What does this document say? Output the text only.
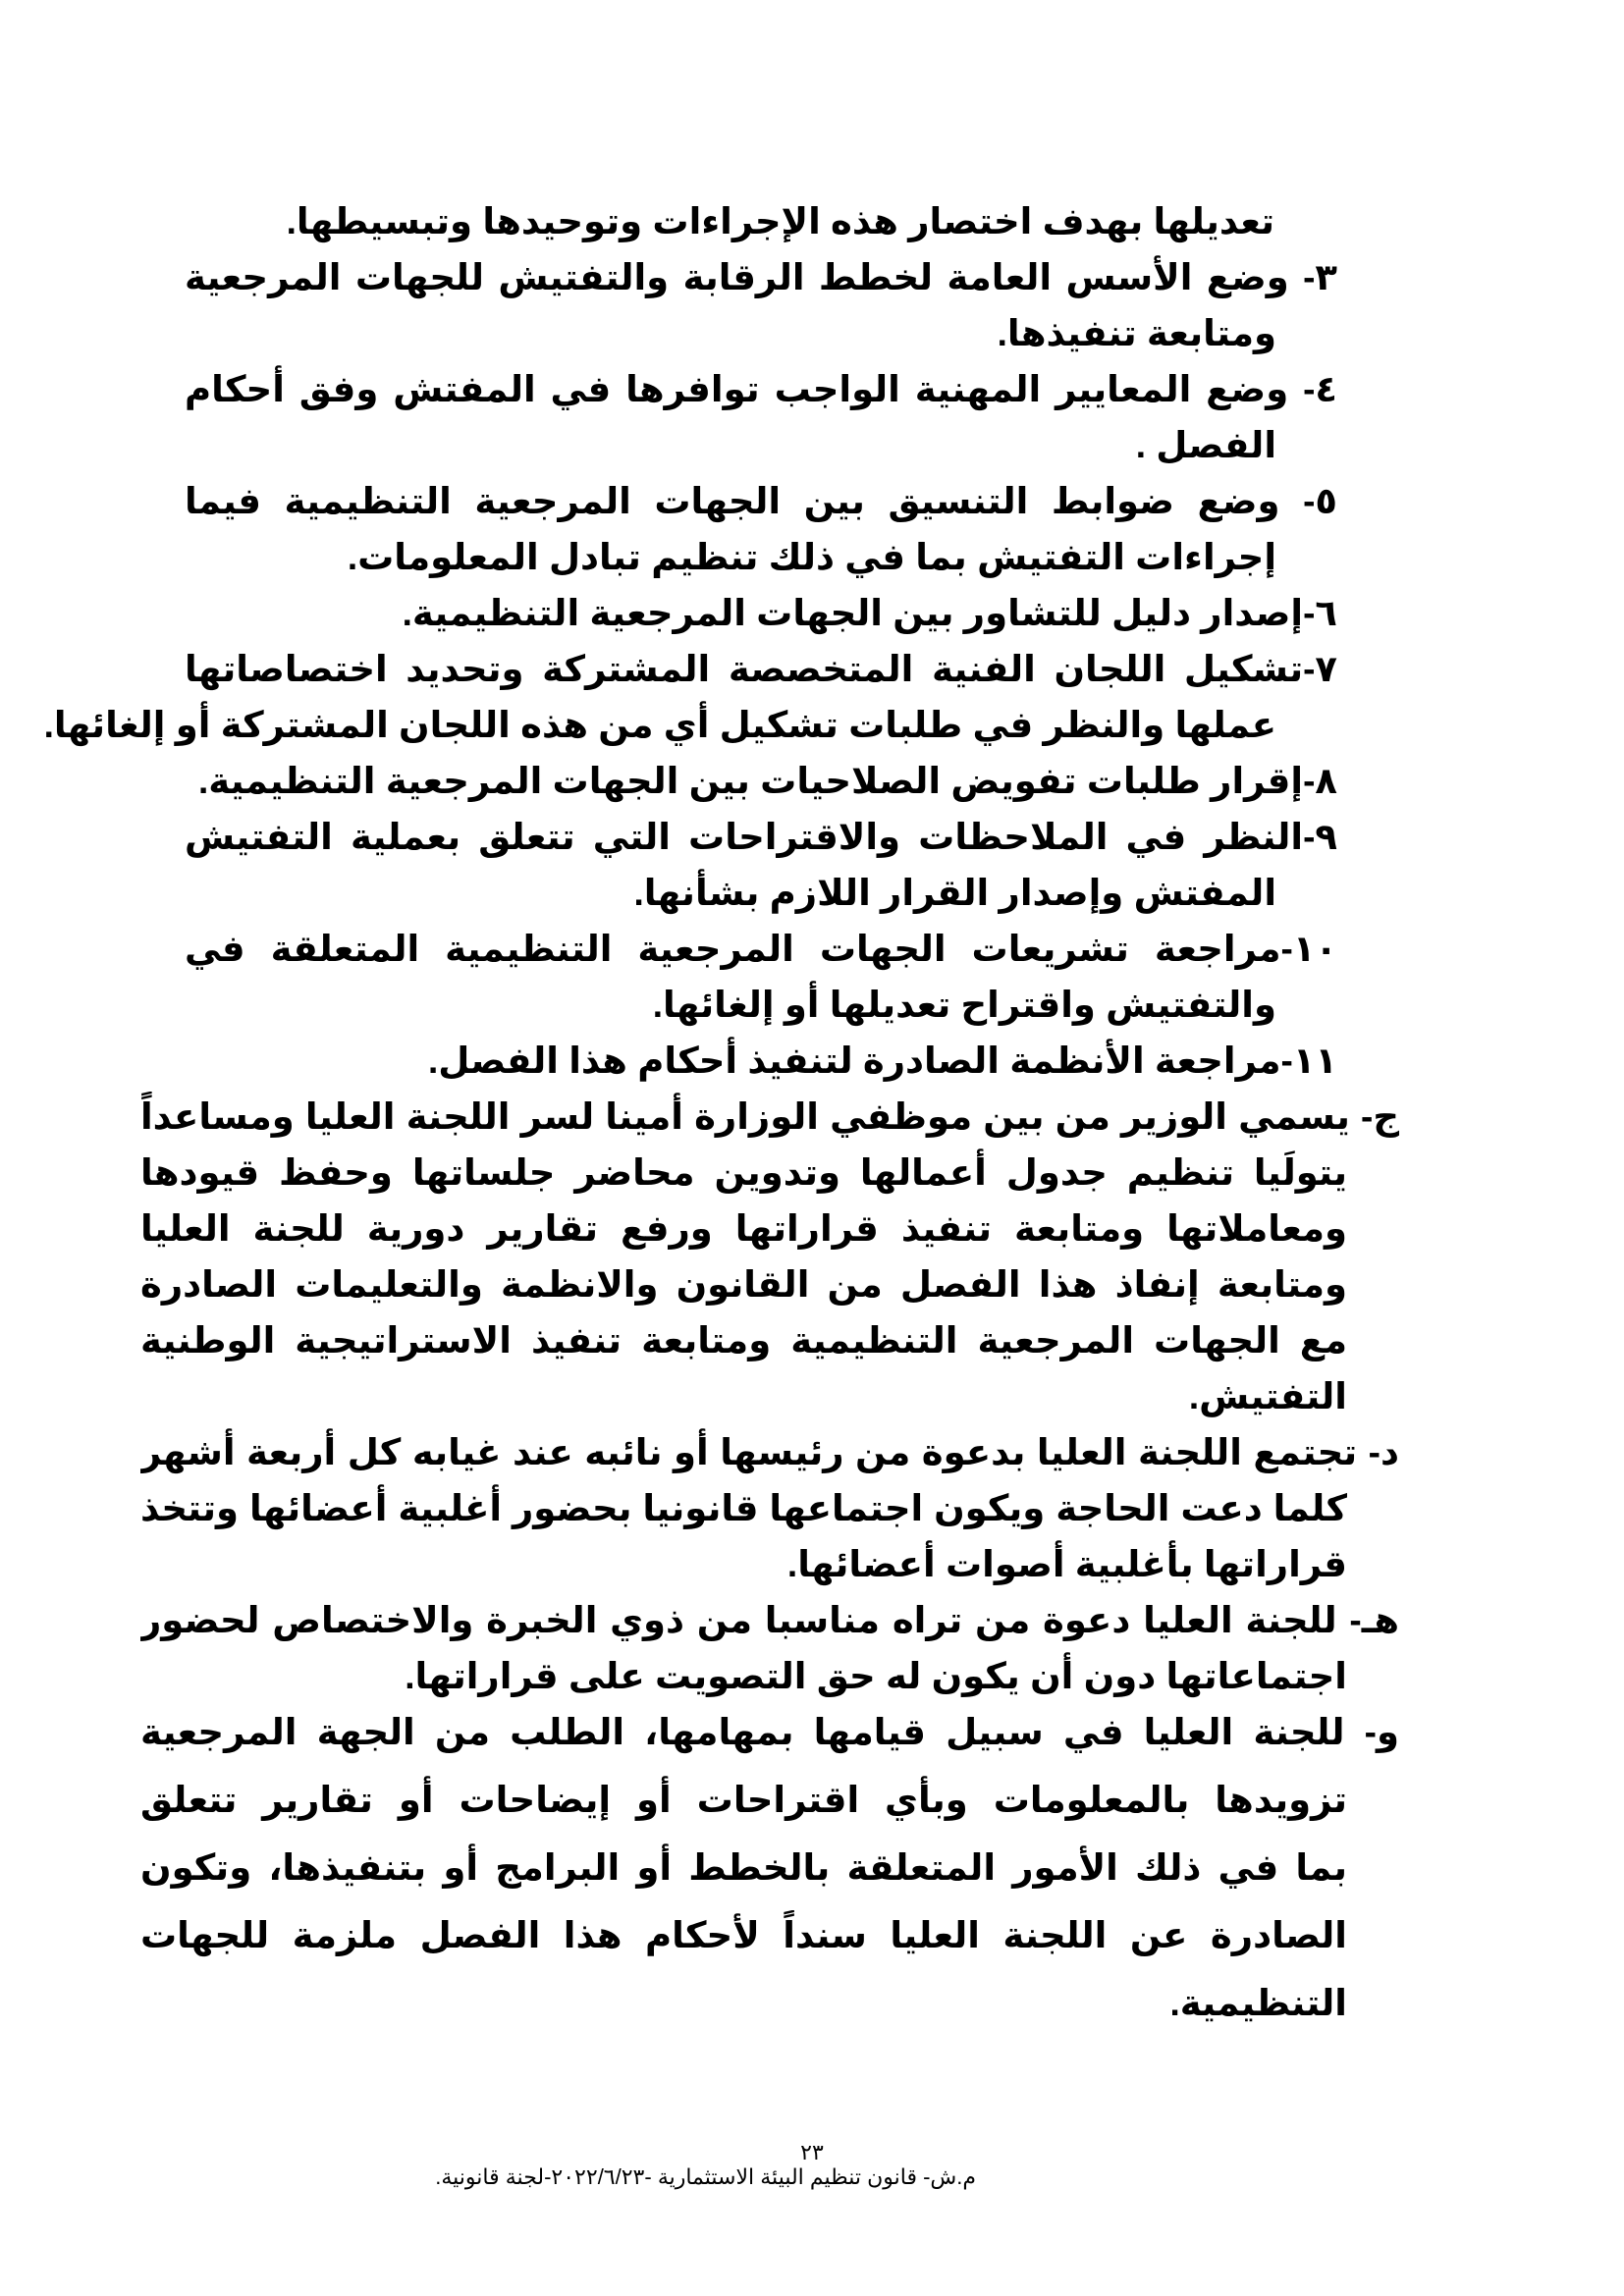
تعديلها بهدف اختصار هذه الإجراءات وتوحيدها وتبسيطها.
٣- وضع الأسس العامة لخطط الرقابة والتفتيش للجهات المرجعية
ومتابعة تنفيذها.
٤- وضع المعايير المهنية الواجب توافرها في المفتش وفق أحكام
الفصل .
٥- وضع ضوابط التنسيق بين الجهات المرجعية التنظيمية فيما
إجراءات التفتيش بما في ذلك تنظيم تبادل المعلومات.
٦-إصدار دليل للتشاور بين الجهات المرجعية التنظيمية.
٧-تشكيل اللجان الفنية المتخصصة المشتركة وتحديد اختصاصاتها
عملها والنظر في طلبات تشكيل أي من هذه اللجان المشتركة أو إلغائها.
٨-إقرار طلبات تفويض الصلاحيات بين الجهات المرجعية التنظيمية.
٩-النظر في الملاحظات والاقتراحات التي تتعلق بعملية التفتيش
المفتش وإصدار القرار اللازم بشأنها.
١٠-مراجعة تشريعات الجهات المرجعية التنظيمية المتعلقة في
والتفتيش واقتراح تعديلها أو إلغائها.
١١-مراجعة الأنظمة الصادرة لتنفيذ أحكام هذا الفصل.
ج- يسمي الوزير من بين موظفي الوزارة أمينا لسر اللجنة العليا ومساعداً
يتولَيا تنظيم جدول أعمالها وتدوين محاضر جلساتها وحفظ قيودها
ومعاملاتها ومتابعة تنفيذ قراراتها ورفع تقارير دورية للجنة العليا
ومتابعة إنفاذ هذا الفصل من القانون والانظمة والتعليمات الصادرة
مع الجهات المرجعية التنظيمية ومتابعة تنفيذ الاستراتيجية الوطنية
التفتيش.
د- تجتمع اللجنة العليا بدعوة من رئيسها أو نائبه عند غيابه كل أربعة أشهر
كلما دعت الحاجة ويكون اجتماعها قانونيا بحضور أغلبية أعضائها وتتخذ
قراراتها بأغلبية أصوات أعضائها.
هـ- للجنة العليا دعوة من تراه مناسبا من ذوي الخبرة والاختصاص لحضور
اجتماعاتها دون أن يكون له حق التصويت على قراراتها.
و- للجنة العليا في سبيل قيامها بمهامها، الطلب من الجهة المرجعية
تزويدها بالمعلومات وبأي اقتراحات أو إيضاحات أو تقارير تتعلق
بما في ذلك الأمور المتعلقة بالخطط أو البرامج أو بتنفيذها، وتكون
الصادرة عن اللجنة العليا سنداً لأحكام هذا الفصل ملزمة للجهات
التنظيمية.
٢٣
م.ش- قانون تنظيم البيئة الاستثمارية -٢٠٢٢/٦/٢٣-لجنة قانونية.
